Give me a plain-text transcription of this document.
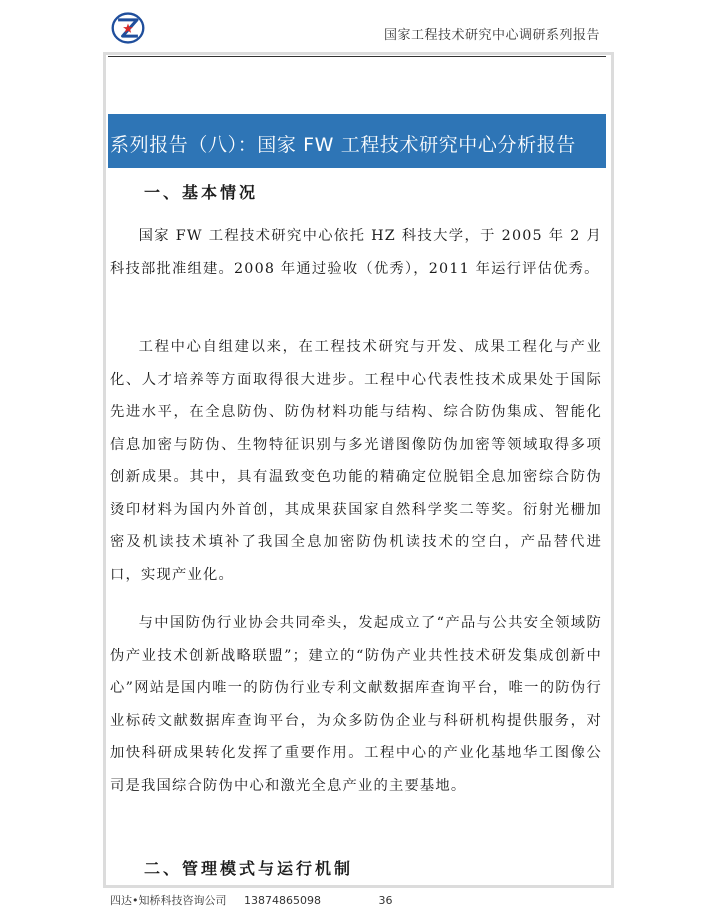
国家工程技术研究中心调研系列报告
系列报告（八）：国家 FW 工程技术研究中心分析报告
一、基本情况

国家 FW 工程技术研究中心依托 HZ 科技大学，于 2005 年 2 月科技部批准组建。2008 年通过验收（优秀），2011 年运行评估优秀。

工程中心自组建以来，在工程技术研究与开发、成果工程化与产业化、人才培养等方面取得很大进步。工程中心代表性技术成果处于国际先进水平，在全息防伪、防伪材料功能与结构、综合防伪集成、智能化信息加密与防伪、生物特征识别与多光谱图像防伪加密等领域取得多项创新成果。其中，具有温致变色功能的精确定位脱铝全息加密综合防伪烫印材料为国内外首创，其成果获国家自然科学奖二等奖。衍射光栅加密及机读技术填补了我国全息加密防伪机读技术的空白，产品替代进口，实现产业化。

与中国防伪行业协会共同牵头，发起成立了“产品与公共安全领域防伪产业技术创新战略联盟”；建立的“防伪产业共性技术研发集成创新中心”网站是国内唯一的防伪行业专利文献数据库查询平台，唯一的防伪行业标砖文献数据库查询平台，为众多防伪企业与科研机构提供服务，对加快科研成果转化发挥了重要作用。工程中心的产业化基地华工图像公司是我国综合防伪中心和激光全息产业的主要基地。

二、管理模式与运行机制
四达•知桥科技咨询公司 13874865098	36
